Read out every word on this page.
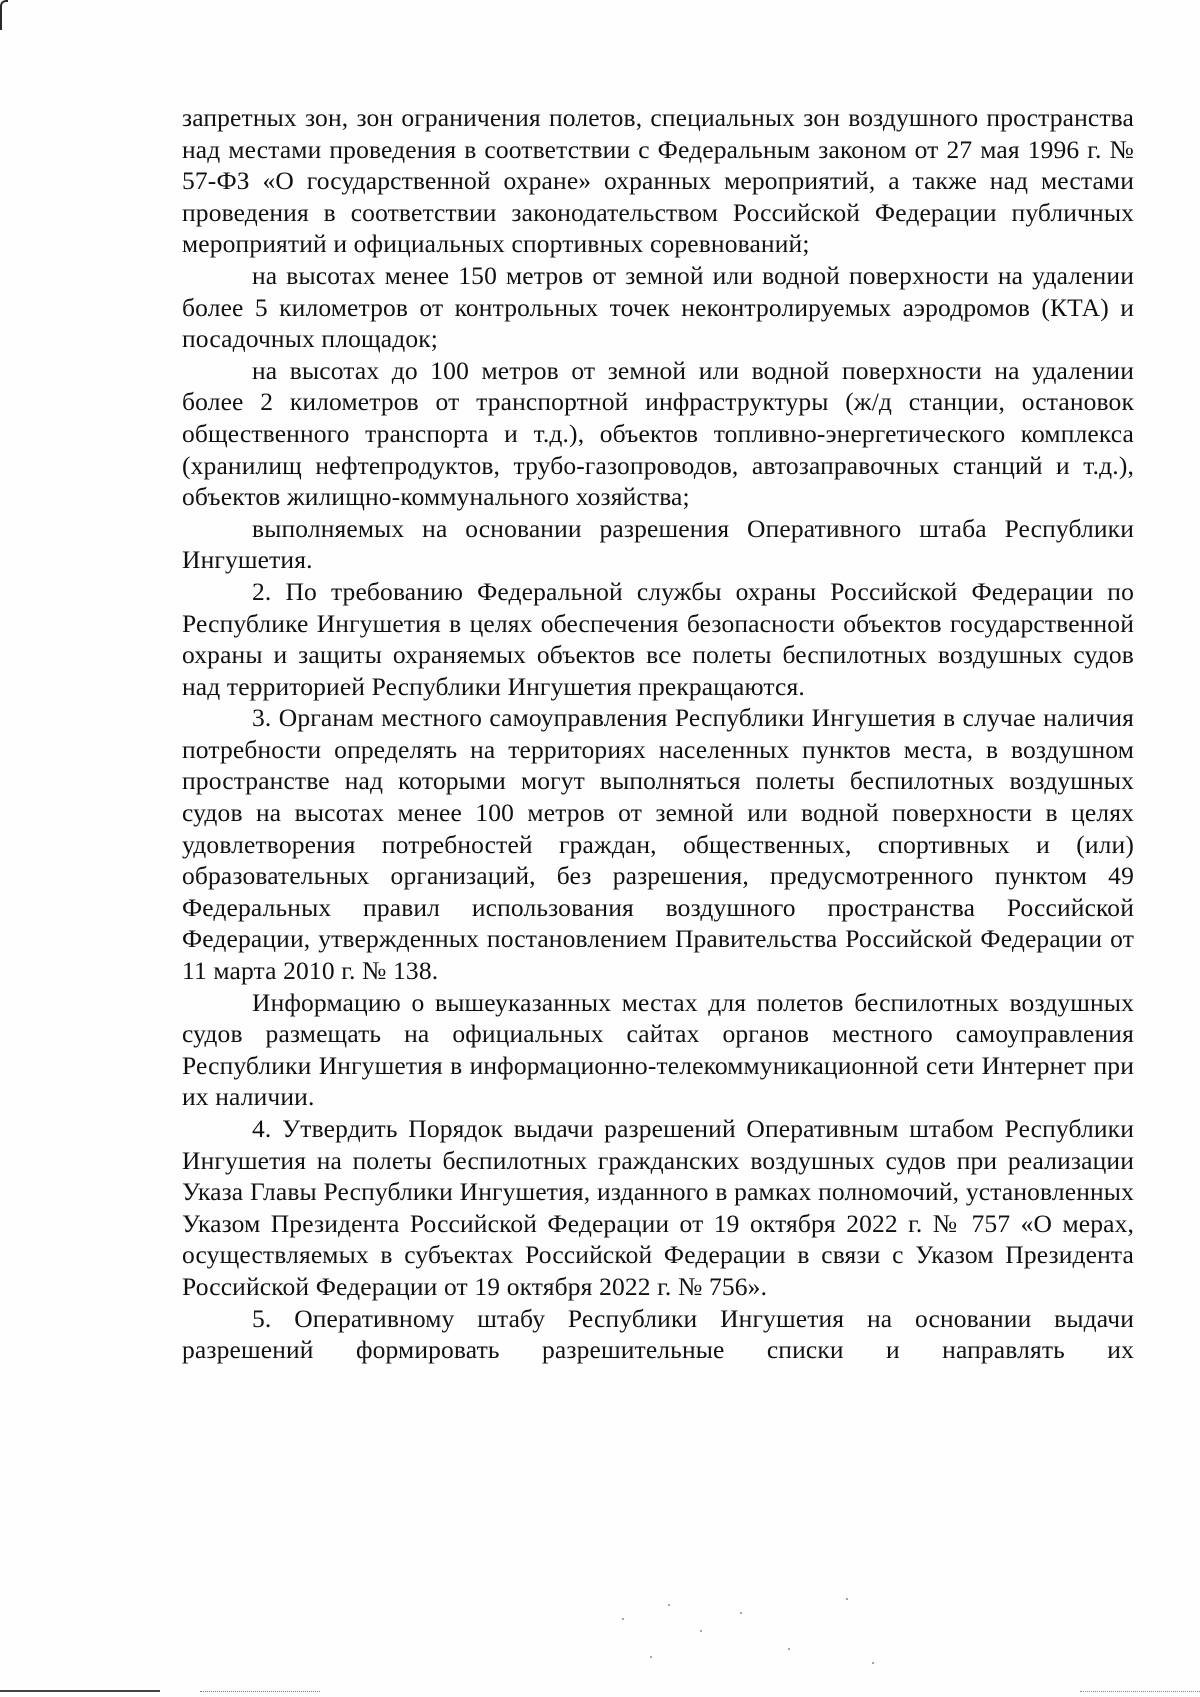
запретных зон, зон ограничения полетов, специальных зон воздушного пространства над местами проведения в соответствии с Федеральным законом от 27 мая 1996 г. № 57-ФЗ «О государственной охране» охранных мероприятий, а также над местами проведения в соответствии законодательством Российской Федерации публичных мероприятий и официальных спортивных соревнований;

на высотах менее 150 метров от земной или водной поверхности на удалении более 5 километров от контрольных точек неконтролируемых аэродромов (КТА) и посадочных площадок;

на высотах до 100 метров от земной или водной поверхности на удалении более 2 километров от транспортной инфраструктуры (ж/д станции, остановок общественного транспорта и т.д.), объектов топливно-энергетического комплекса (хранилищ нефтепродуктов, трубо-газопроводов, автозаправочных станций и т.д.), объектов жилищно-коммунального хозяйства;

выполняемых на основании разрешения Оперативного штаба Республики Ингушетия.

2. По требованию Федеральной службы охраны Российской Федерации по Республике Ингушетия в целях обеспечения безопасности объектов государственной охраны и защиты охраняемых объектов все полеты беспилотных воздушных судов над территорией Республики Ингушетия прекращаются.

3. Органам местного самоуправления Республики Ингушетия в случае наличия потребности определять на территориях населенных пунктов места, в воздушном пространстве над которыми могут выполняться полеты беспилотных воздушных судов на высотах менее 100 метров от земной или водной поверхности в целях удовлетворения потребностей граждан, общественных, спортивных и (или) образовательных организаций, без разрешения, предусмотренного пунктом 49 Федеральных правил использования воздушного пространства Российской Федерации, утвержденных постановлением Правительства Российской Федерации от 11 марта 2010 г. № 138.

Информацию о вышеуказанных местах для полетов беспилотных воздушных судов размещать на официальных сайтах органов местного самоуправления Республики Ингушетия в информационно-телекоммуникационной сети Интернет при их наличии.

4. Утвердить Порядок выдачи разрешений Оперативным штабом Республики Ингушетия на полеты беспилотных гражданских воздушных судов при реализации Указа Главы Республики Ингушетия, изданного в рамках полномочий, установленных Указом Президента Российской Федерации от 19 октября 2022 г. № 757 «О мерах, осуществляемых в субъектах Российской Федерации в связи с Указом Президента Российской Федерации от 19 октября 2022 г. № 756».

5. Оперативному штабу Республики Ингушетия на основании выдачи разрешений формировать разрешительные списки и направлять их
